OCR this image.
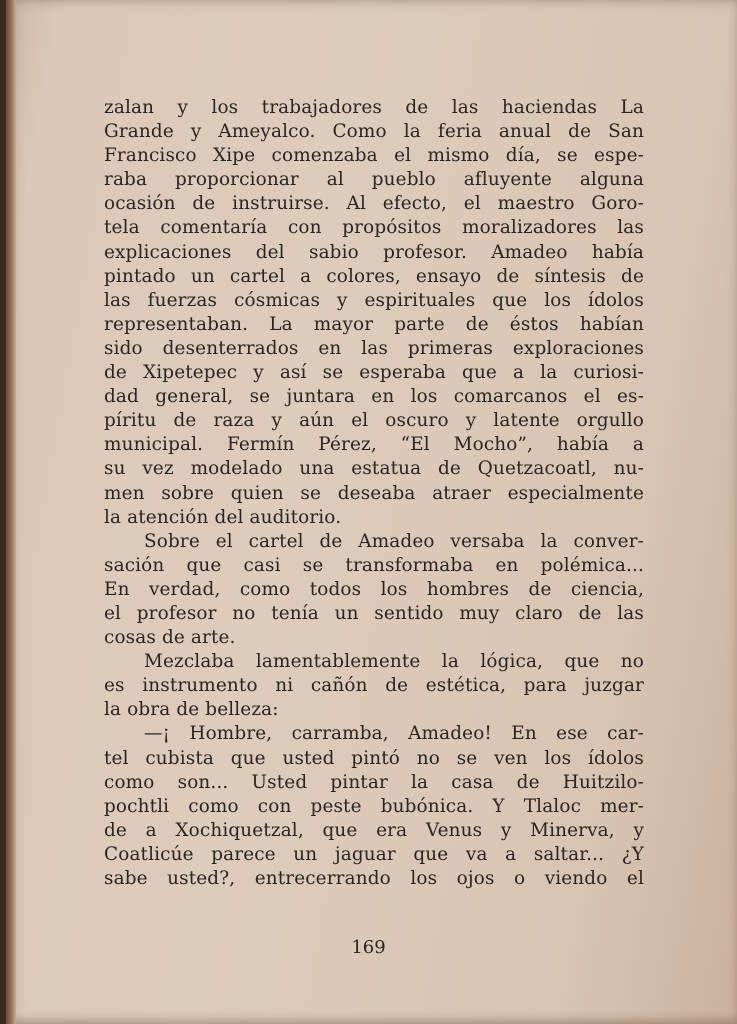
zalan y los trabajadores de las haciendas La
Grande y Ameyalco. Como la feria anual de San
Francisco Xipe comenzaba el mismo día, se espe-
raba proporcionar al pueblo afluyente alguna
ocasión de instruirse. Al efecto, el maestro Goro-
tela comentaría con propósitos moralizadores las
explicaciones del sabio profesor. Amadeo había
pintado un cartel a colores, ensayo de síntesis de
las fuerzas cósmicas y espirituales que los ídolos
representaban. La mayor parte de éstos habían
sido desenterrados en las primeras exploraciones
de Xipetepec y así se esperaba que a la curiosi-
dad general, se juntara en los comarcanos el es-
píritu de raza y aún el oscuro y latente orgullo
municipal. Fermín Pérez, “El Mocho”, había a
su vez modelado una estatua de Quetzacoatl, nu-
men sobre quien se deseaba atraer especialmente
la atención del auditorio.
Sobre el cartel de Amadeo versaba la conver-
sación que casi se transformaba en polémica...
En verdad, como todos los hombres de ciencia,
el profesor no tenía un sentido muy claro de las
cosas de arte.
Mezclaba lamentablemente la lógica, que no
es instrumento ni cañón de estética, para juzgar
la obra de belleza:
—¡ Hombre, carramba, Amadeo! En ese car-
tel cubista que usted pintó no se ven los ídolos
como son... Usted pintar la casa de Huitzilo-
pochtli como con peste bubónica. Y Tlaloc mer-
de a Xochiquetzal, que era Venus y Minerva, y
Coatlicúe parece un jaguar que va a saltar... ¿Y
sabe usted?, entrecerrando los ojos o viendo el
169
